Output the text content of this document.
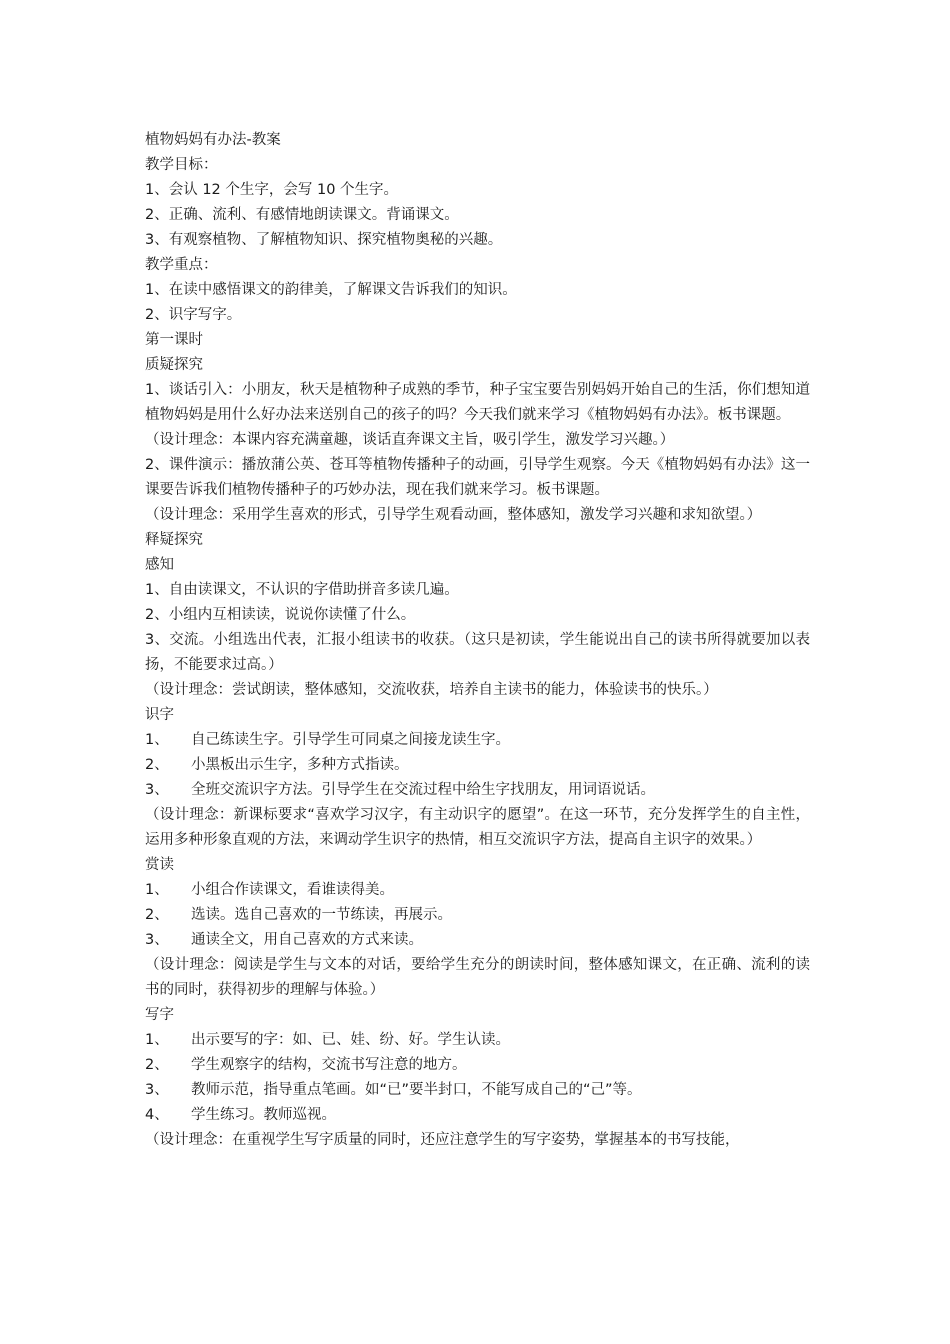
植物妈妈有办法-教案
教学目标：
1、会认 12 个生字，会写 10 个生字。
2、正确、流利、有感情地朗读课文。背诵课文。
3、有观察植物、了解植物知识、探究植物奥秘的兴趣。
教学重点：
1、在读中感悟课文的韵律美，了解课文告诉我们的知识。
2、识字写字。
第一课时
质疑探究
1、谈话引入：小朋友，秋天是植物种子成熟的季节，种子宝宝要告别妈妈开始自己的生活，你们想知道植物妈妈是用什么好办法来送别自己的孩子的吗？今天我们就来学习《植物妈妈有办法》。板书课题。
（设计理念：本课内容充满童趣，谈话直奔课文主旨，吸引学生，激发学习兴趣。）
2、课件演示：播放蒲公英、苍耳等植物传播种子的动画，引导学生观察。今天《植物妈妈有办法》这一课要告诉我们植物传播种子的巧妙办法，现在我们就来学习。板书课题。
（设计理念：采用学生喜欢的形式，引导学生观看动画，整体感知，激发学习兴趣和求知欲望。）
释疑探究
感知
1、自由读课文，不认识的字借助拼音多读几遍。
2、小组内互相读读，说说你读懂了什么。
3、交流。小组选出代表，汇报小组读书的收获。（这只是初读，学生能说出自己的读书所得就要加以表扬，不能要求过高。）
（设计理念：尝试朗读，整体感知，交流收获，培养自主读书的能力，体验读书的快乐。）
识字
1、	自己练读生字。引导学生可同桌之间接龙读生字。
2、	小黑板出示生字，多种方式指读。
3、	全班交流识字方法。引导学生在交流过程中给生字找朋友，用词语说话。
（设计理念：新课标要求“喜欢学习汉字，有主动识字的愿望”。在这一环节，充分发挥学生的自主性，运用多种形象直观的方法，来调动学生识字的热情，相互交流识字方法，提高自主识字的效果。）
赏读
1、	小组合作读课文，看谁读得美。
2、	选读。选自己喜欢的一节练读，再展示。
3、	通读全文，用自己喜欢的方式来读。
（设计理念：阅读是学生与文本的对话，要给学生充分的朗读时间，整体感知课文，在正确、流利的读书的同时，获得初步的理解与体验。）
写字
1、	出示要写的字：如、已、娃、纷、好。学生认读。
2、	学生观察字的结构，交流书写注意的地方。
3、	教师示范，指导重点笔画。如“已”要半封口，不能写成自己的“己”等。
4、	学生练习。教师巡视。
（设计理念：在重视学生写字质量的同时，还应注意学生的写字姿势，掌握基本的书写技能，
